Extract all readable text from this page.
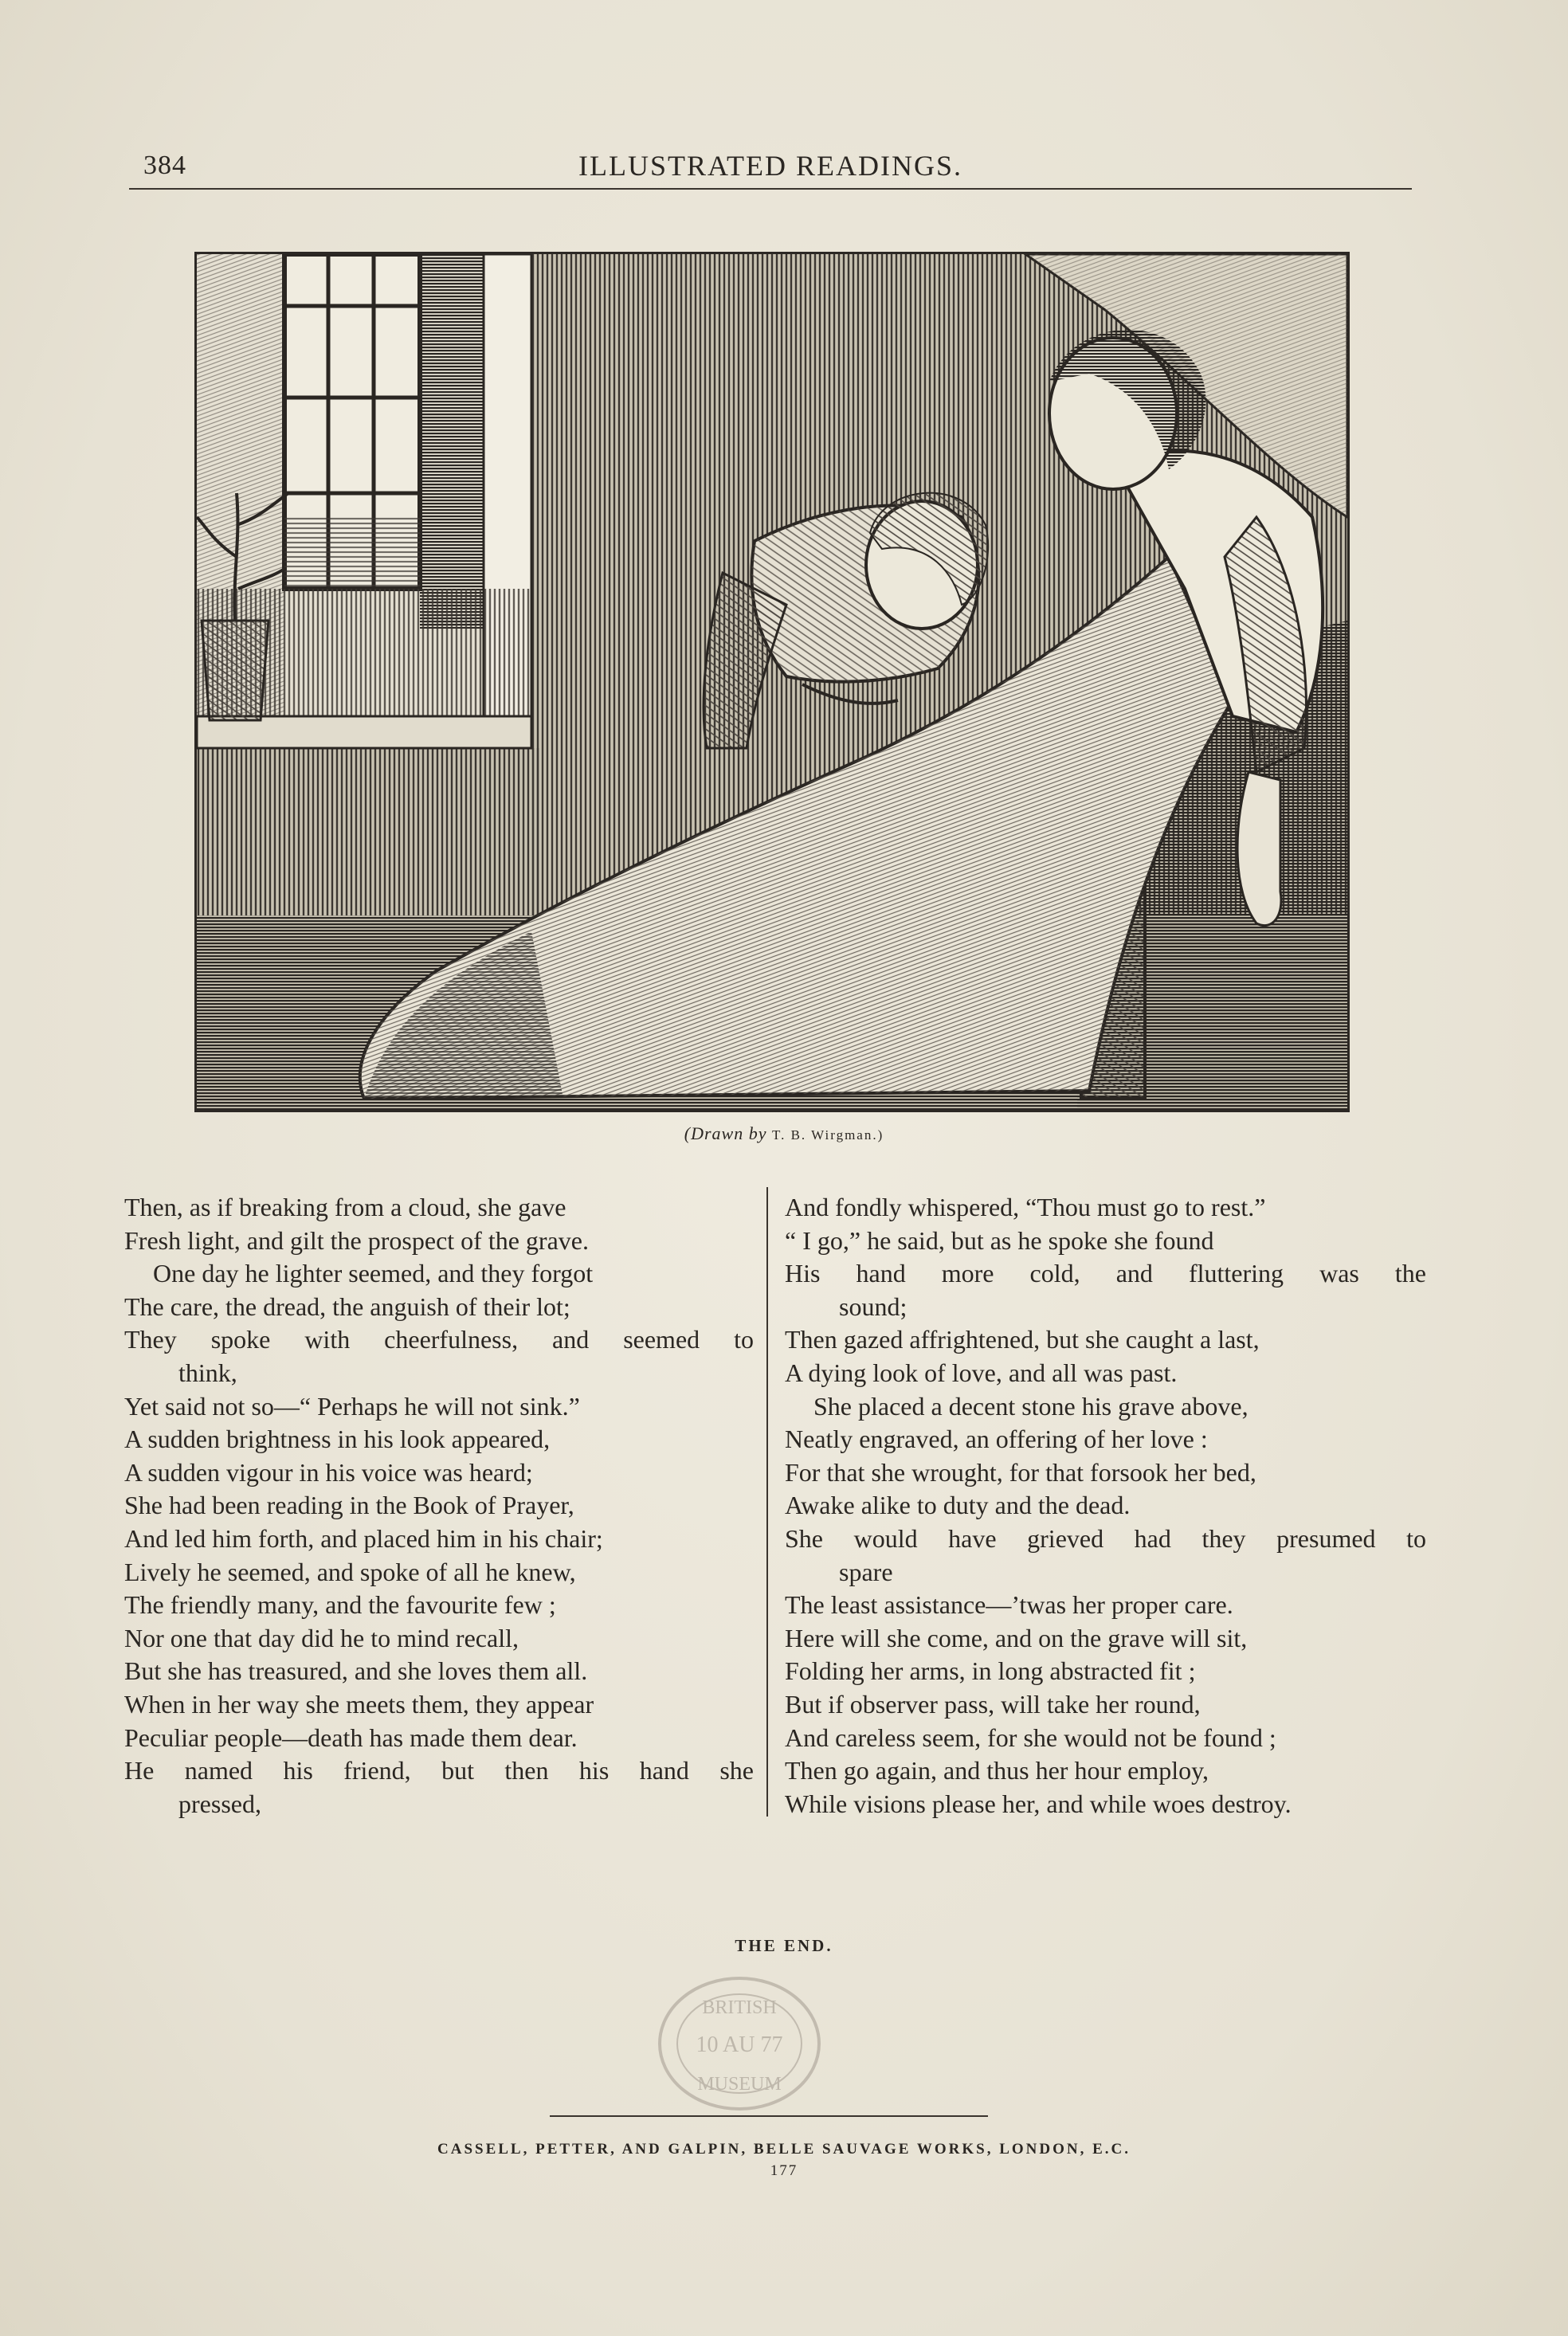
384	ILLUSTRATED READINGS.
(Drawn by T. B. Wirgman.)
Then, as if breaking from a cloud, she gave
Fresh light, and gilt the prospect of the grave.
One day he lighter seemed, and they forgot
The care, the dread, the anguish of their lot;
They spoke with cheerfulness, and seemed to
think,
Yet said not so—“ Perhaps he will not sink.”
A sudden brightness in his look appeared,
A sudden vigour in his voice was heard;
She had been reading in the Book of Prayer,
And led him forth, and placed him in his chair;
Lively he seemed, and spoke of all he knew,
The friendly many, and the favourite few ;
Nor one that day did he to mind recall,
But she has treasured, and she loves them all.
When in her way she meets them, they appear
Peculiar people—death has made them dear.
He named his friend, but then his hand she
pressed,
And fondly whispered, “Thou must go to rest.”
“ I go,” he said, but as he spoke she found
His hand more cold, and fluttering was the
sound;
Then gazed affrightened, but she caught a last,
A dying look of love, and all was past.
She placed a decent stone his grave above,
Neatly engraved, an offering of her love :
For that she wrought, for that forsook her bed,
Awake alike to duty and the dead.
She would have grieved had they presumed to
spare
The least assistance—’twas her proper care.
Here will she come, and on the grave will sit,
Folding her arms, in long abstracted fit ;
But if observer pass, will take her round,
And careless seem, for she would not be found ;
Then go again, and thus her hour employ,
While visions please her, and while woes destroy.
THE END.
BRITISH
10 AU 77
MUSEUM
CASSELL, PETTER, AND GALPIN, BELLE SAUVAGE WORKS, LONDON, E.C.
177
